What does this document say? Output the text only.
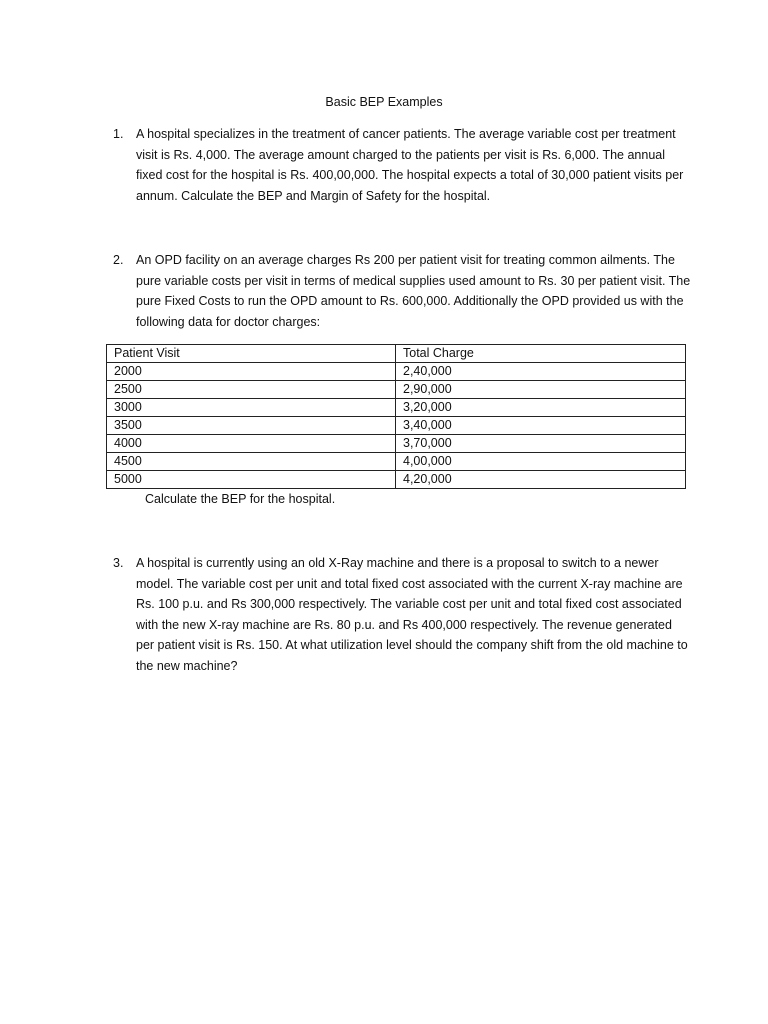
Basic BEP Examples
1.	A hospital specializes in the treatment of cancer patients. The average variable cost per treatment visit is Rs. 4,000. The average amount charged to the patients per visit is Rs. 6,000. The annual fixed cost for the hospital is Rs. 400,00,000. The hospital expects a total of 30,000 patient visits per annum. Calculate the BEP and Margin of Safety for the hospital.
2.	An OPD facility on an average charges Rs 200 per patient visit for treating common ailments. The pure variable costs per visit in terms of medical supplies used amount to Rs. 30 per patient visit. The pure Fixed Costs to run the OPD amount to Rs. 600,000. Additionally the OPD provided us with the following data for doctor charges:
Patient Visit	Total Charge
2000	2,40,000
2500	2,90,000
3000	3,20,000
3500	3,40,000
4000	3,70,000
4500	4,00,000
5000	4,20,000
Calculate the BEP for the hospital.
3.	A hospital is currently using an old X-Ray machine and there is a proposal to switch to a newer model. The variable cost per unit and total fixed cost associated with the current X-ray machine are Rs. 100 p.u. and Rs 300,000 respectively. The variable cost per unit and total fixed cost associated with the new X-ray machine are Rs. 80 p.u. and Rs 400,000 respectively. The revenue generated per patient visit is Rs. 150. At what utilization level should the company shift from the old machine to the new machine?
